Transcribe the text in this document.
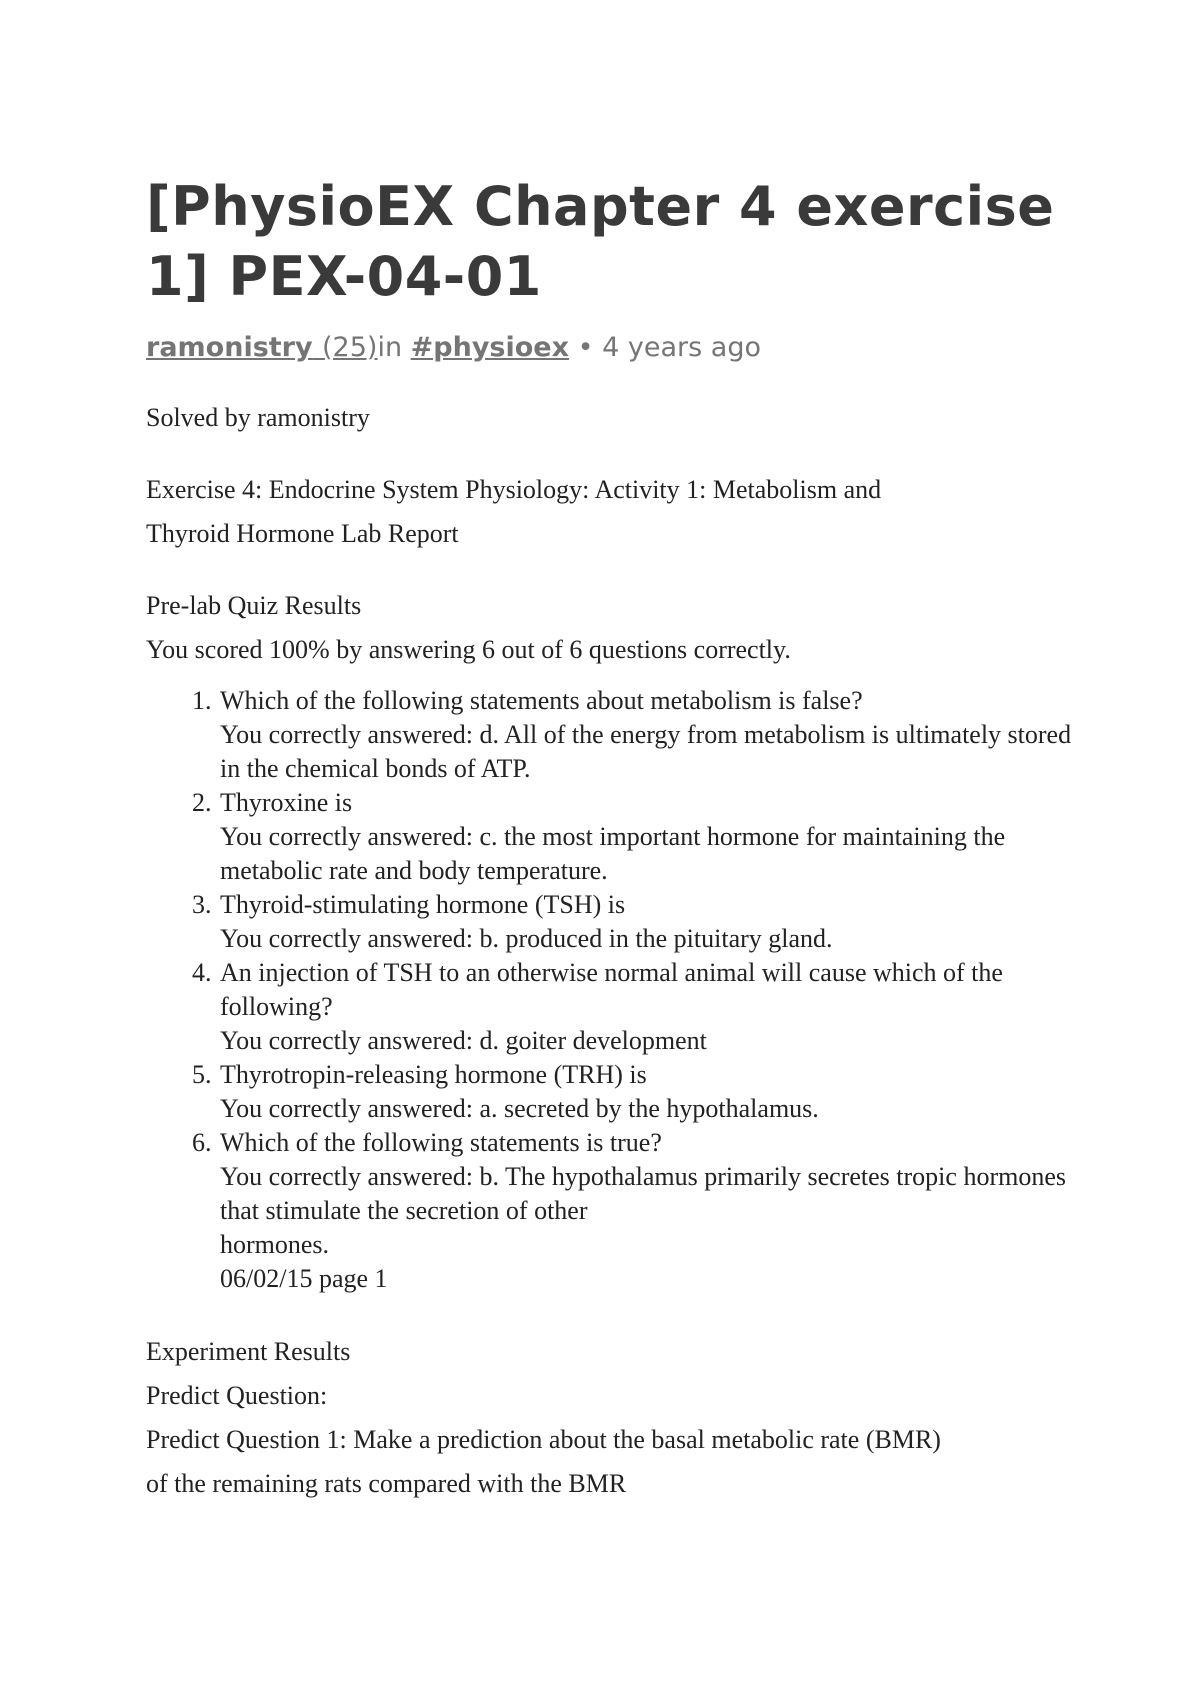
[PhysioEX Chapter 4 exercise 1] PEX-04-01
ramonistry (25)in #physioex • 4 years ago

Solved by ramonistry

Exercise 4: Endocrine System Physiology: Activity 1: Metabolism and

Thyroid Hormone Lab Report

Pre-lab Quiz Results

You scored 100% by answering 6 out of 6 questions correctly.

1. Which of the following statements about metabolism is false?
You correctly answered: d. All of the energy from metabolism is ultimately stored in the chemical bonds of ATP.
2. Thyroxine is
You correctly answered: c. the most important hormone for maintaining the metabolic rate and body temperature.
3. Thyroid-stimulating hormone (TSH) is
You correctly answered: b. produced in the pituitary gland.
4. An injection of TSH to an otherwise normal animal will cause which of the following?
You correctly answered: d. goiter development
5. Thyrotropin-releasing hormone (TRH) is
You correctly answered: a. secreted by the hypothalamus.
6. Which of the following statements is true?
You correctly answered: b. The hypothalamus primarily secretes tropic hormones that stimulate the secretion of other
hormones.
06/02/15 page 1

Experiment Results

Predict Question:

Predict Question 1: Make a prediction about the basal metabolic rate (BMR)

of the remaining rats compared with the BMR
